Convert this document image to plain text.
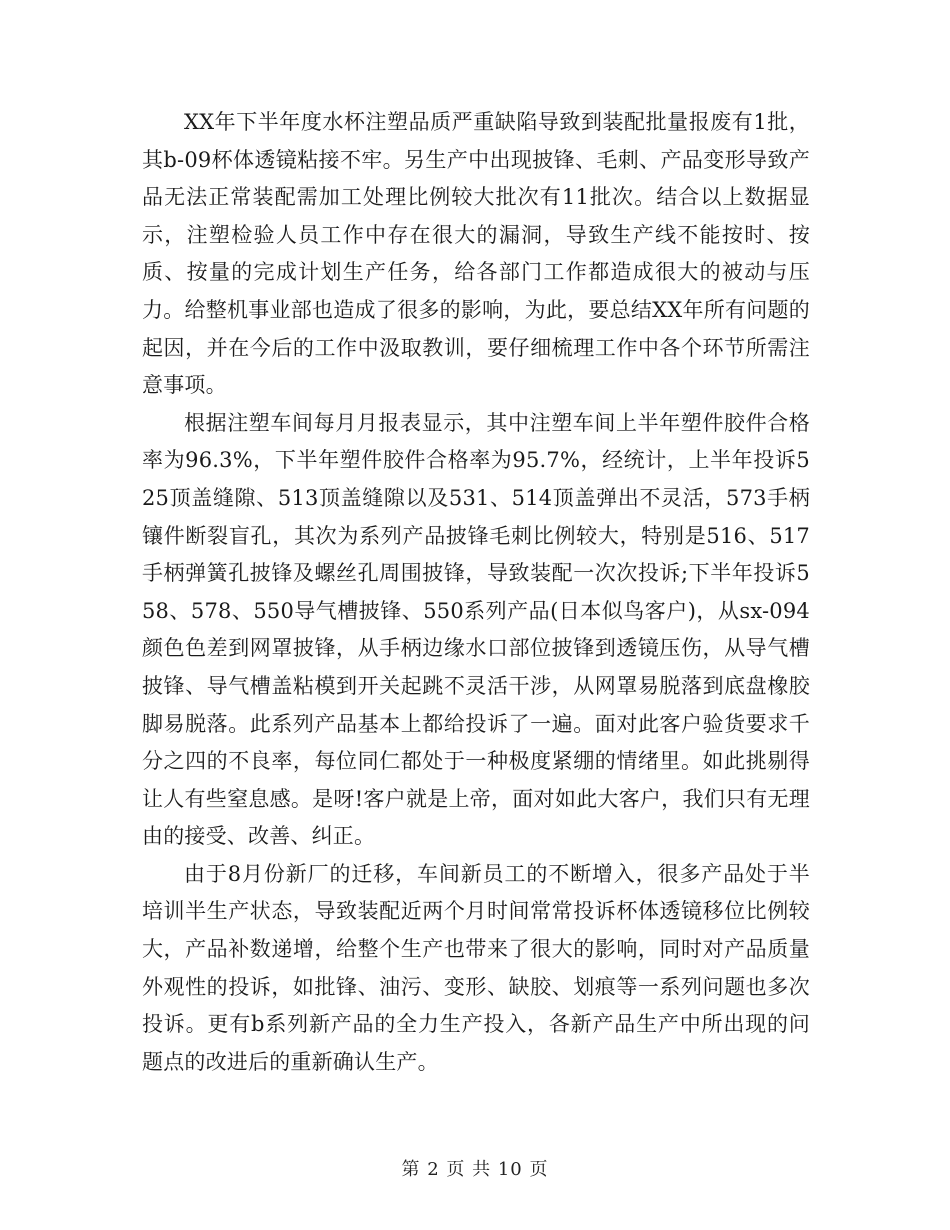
XX年下半年度水杯注塑品质严重缺陷导致到装配批量报废有1批，其b-09杯体透镜粘接不牢。另生产中出现披锋、毛刺、产品变形导致产品无法正常装配需加工处理比例较大批次有11批次。结合以上数据显示，注塑检验人员工作中存在很大的漏洞，导致生产线不能按时、按质、按量的完成计划生产任务，给各部门工作都造成很大的被动与压力。给整机事业部也造成了很多的影响，为此，要总结XX年所有问题的起因，并在今后的工作中汲取教训，要仔细梳理工作中各个环节所需注意事项。

根据注塑车间每月月报表显示，其中注塑车间上半年塑件胶件合格率为96.3%，下半年塑件胶件合格率为95.7%，经统计，上半年投诉525顶盖缝隙、513顶盖缝隙以及531、514顶盖弹出不灵活，573手柄镶件断裂盲孔，其次为系列产品披锋毛刺比例较大，特别是516、517手柄弹簧孔披锋及螺丝孔周围披锋，导致装配一次次投诉;下半年投诉558、578、550导气槽披锋、550系列产品(日本似鸟客户)，从sx-094颜色色差到网罩披锋，从手柄边缘水口部位披锋到透镜压伤，从导气槽披锋、导气槽盖粘模到开关起跳不灵活干涉，从网罩易脱落到底盘橡胶脚易脱落。此系列产品基本上都给投诉了一遍。面对此客户验货要求千分之四的不良率，每位同仁都处于一种极度紧绷的情绪里。如此挑剔得让人有些窒息感。是呀!客户就是上帝，面对如此大客户，我们只有无理由的接受、改善、纠正。

由于8月份新厂的迁移，车间新员工的不断增入，很多产品处于半培训半生产状态，导致装配近两个月时间常常投诉杯体透镜移位比例较大，产品补数递增，给整个生产也带来了很大的影响，同时对产品质量外观性的投诉，如批锋、油污、变形、缺胶、划痕等一系列问题也多次投诉。更有b系列新产品的全力生产投入，各新产品生产中所出现的问题点的改进后的重新确认生产。

第 2 页 共 10 页
